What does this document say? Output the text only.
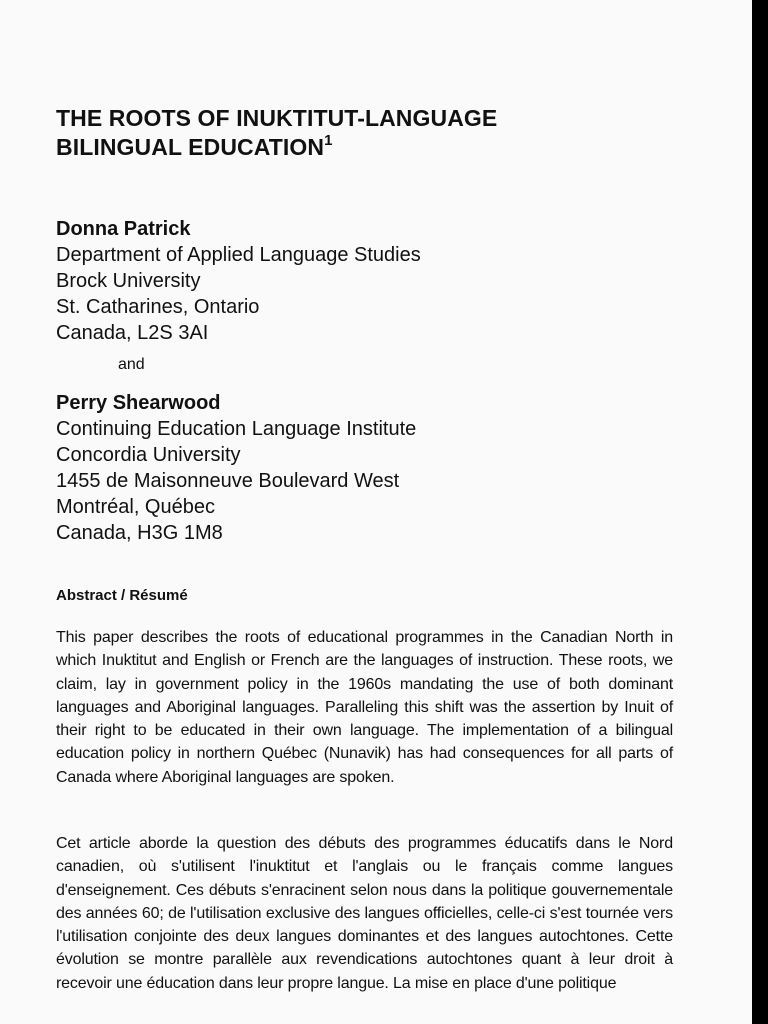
THE ROOTS OF INUKTITUT-LANGUAGE
BILINGUAL EDUCATION$^1$

Donna Patrick

Department of Applied Language Studies

Brock University

St. Catharines, Ontario

Canada, L2S 3AI

and

Perry Shearwood

Continuing Education Language Institute

Concordia University

1455 de Maisonneuve Boulevard West

Montréal, Québec

Canada, H3G 1M8

Abstract / Résumé

This paper describes the roots of educational programmes in the Canadian North in which Inuktitut and English or French are the languages of instruction. These roots, we claim, lay in government policy in the 1960s mandating the use of both dominant languages and Aboriginal languages. Paralleling this shift was the assertion by Inuit of their right to be educated in their own language. The implementation of a bilingual education policy in northern Québec (Nunavik) has had consequences for all parts of Canada where Aboriginal languages are spoken.

Cet article aborde la question des débuts des programmes éducatifs dans le Nord canadien, où s'utilisent l'inuktitut et l'anglais ou le français comme langues d'enseignement. Ces débuts s'enracinent selon nous dans la politique gouvernementale des années 60; de l'utilisation exclusive des langues officielles, celle-ci s'est tournée vers l'utilisation conjointe des deux langues dominantes et des langues autochtones. Cette évolution se montre parallèle aux revendications autochtones quant à leur droit à recevoir une éducation dans leur propre langue. La mise en place d'une politique
